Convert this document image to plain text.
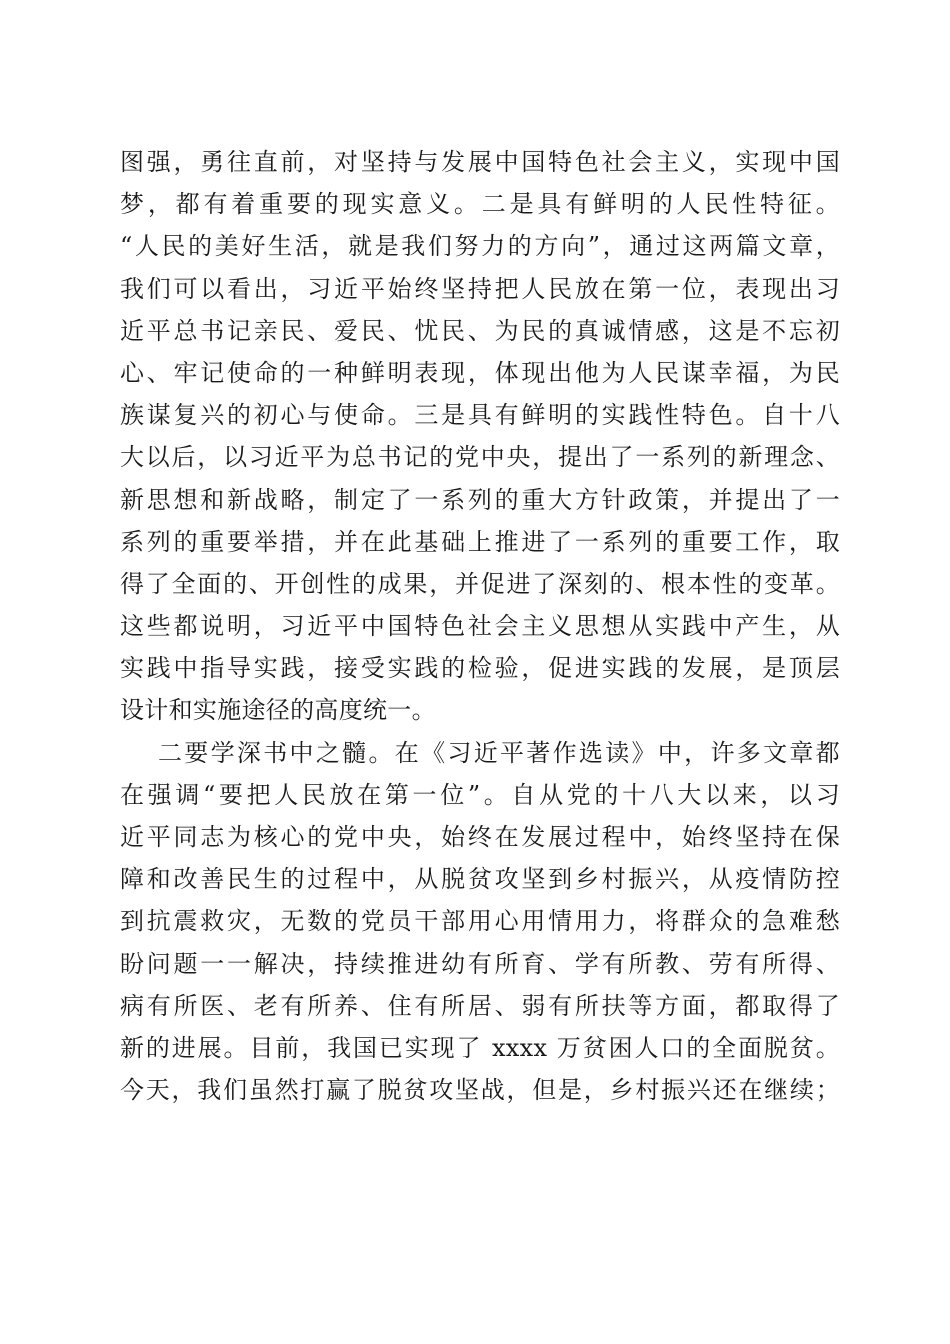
图强，勇往直前，对坚持与发展中国特色社会主义，实现中国
梦，都有着重要的现实意义。二是具有鲜明的人民性特征。
“人民的美好生活，就是我们努力的方向”，通过这两篇文章，
我们可以看出，习近平始终坚持把人民放在第一位，表现出习
近平总书记亲民、爱民、忧民、为民的真诚情感，这是不忘初
心、牢记使命的一种鲜明表现，体现出他为人民谋幸福，为民
族谋复兴的初心与使命。三是具有鲜明的实践性特色。自十八
大以后，以习近平为总书记的党中央，提出了一系列的新理念、
新思想和新战略，制定了一系列的重大方针政策，并提出了一
系列的重要举措，并在此基础上推进了一系列的重要工作，取
得了全面的、开创性的成果，并促进了深刻的、根本性的变革。
这些都说明，习近平中国特色社会主义思想从实践中产生，从
实践中指导实践，接受实践的检验，促进实践的发展，是顶层
设计和实施途径的高度统一。
二要学深书中之髓。在《习近平著作选读》中，许多文章都
在强调“要把人民放在第一位”。自从党的十八大以来，以习
近平同志为核心的党中央，始终在发展过程中，始终坚持在保
障和改善民生的过程中，从脱贫攻坚到乡村振兴，从疫情防控
到抗震救灾，无数的党员干部用心用情用力，将群众的急难愁
盼问题一一解决，持续推进幼有所育、学有所教、劳有所得、
病有所医、老有所养、住有所居、弱有所扶等方面，都取得了
新的进展。目前，我国已实现了 xxxx 万贫困人口的全面脱贫。
今天，我们虽然打赢了脱贫攻坚战，但是，乡村振兴还在继续；
